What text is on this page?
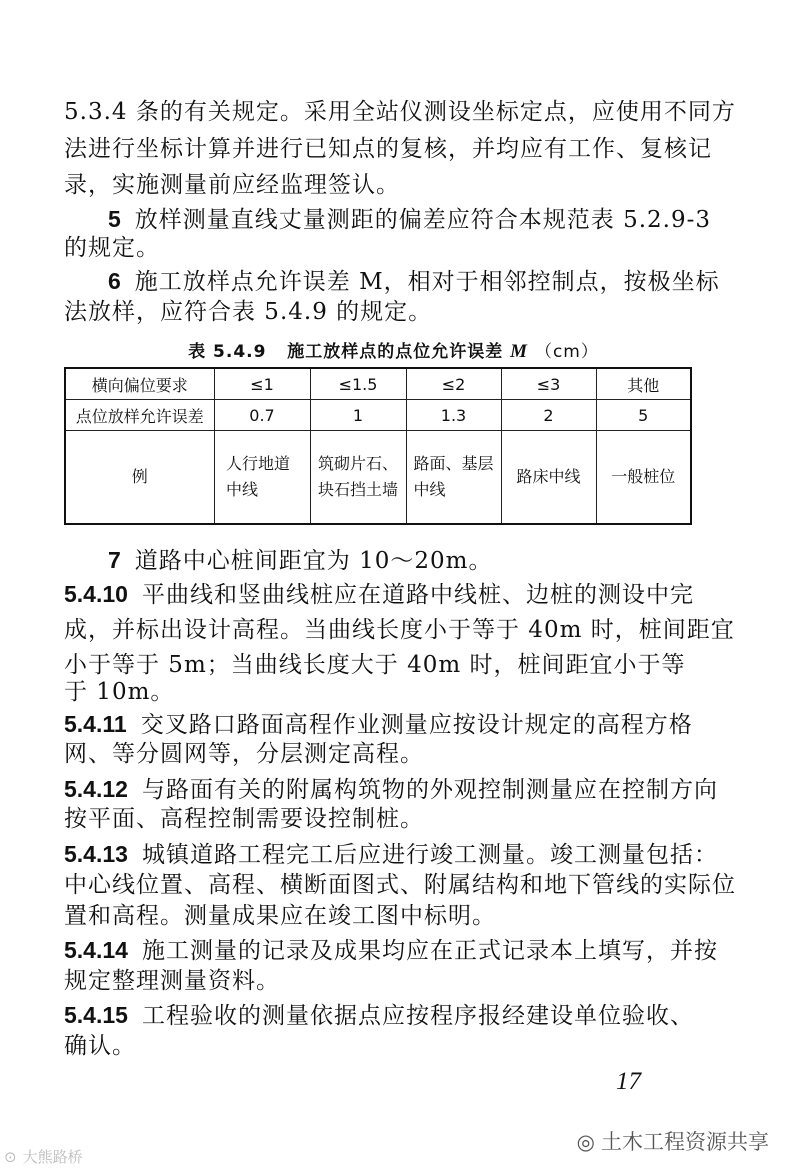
5.3.4 条的有关规定。采用全站仪测设坐标定点，应使用不同方
法进行坐标计算并进行已知点的复核，并均应有工作、复核记
录，实施测量前应经监理签认。
5 放样测量直线丈量测距的偏差应符合本规范表 5.2.9-3
的规定。
6 施工放样点允许误差 M，相对于相邻控制点，按极坐标
法放样，应符合表 5.4.9 的规定。
表 5.4.9 施工放样点的点位允许误差 M （cm）
横向偏位要求	≤1	≤1.5	≤2	≤3	其他
点位放样允许误差	0.7	1	1.3	2	5
例	人行地道中线	筑砌片石、块石挡土墙	路面、基层中线	路床中线	一般桩位
7 道路中心桩间距宜为 10～20m。
5.4.10 平曲线和竖曲线桩应在道路中线桩、边桩的测设中完
成，并标出设计高程。当曲线长度小于等于 40m 时，桩间距宜
小于等于 5m；当曲线长度大于 40m 时，桩间距宜小于等
于 10m。
5.4.11 交叉路口路面高程作业测量应按设计规定的高程方格
网、等分圆网等，分层测定高程。
5.4.12 与路面有关的附属构筑物的外观控制测量应在控制方向
按平面、高程控制需要设控制桩。
5.4.13 城镇道路工程完工后应进行竣工测量。竣工测量包括：
中心线位置、高程、横断面图式、附属结构和地下管线的实际位
置和高程。测量成果应在竣工图中标明。
5.4.14 施工测量的记录及成果均应在正式记录本上填写，并按
规定整理测量资料。
5.4.15 工程验收的测量依据点应按程序报经建设单位验收、
确认。
17
◎ 土木工程资源共享
⊙ 大熊路桥
